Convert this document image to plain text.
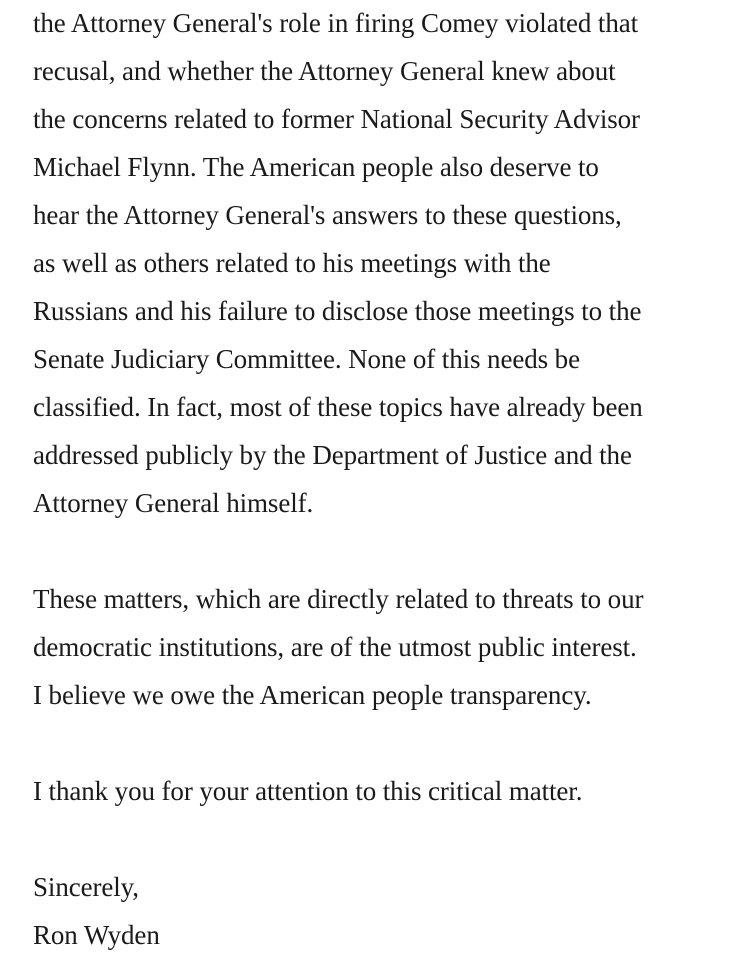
the Attorney General's role in firing Comey violated that
recusal, and whether the Attorney General knew about
the concerns related to former National Security Advisor
Michael Flynn. The American people also deserve to
hear the Attorney General's answers to these questions,
as well as others related to his meetings with the
Russians and his failure to disclose those meetings to the
Senate Judiciary Committee. None of this needs be
classified. In fact, most of these topics have already been
addressed publicly by the Department of Justice and the
Attorney General himself.

These matters, which are directly related to threats to our
democratic institutions, are of the utmost public interest.
I believe we owe the American people transparency.

I thank you for your attention to this critical matter.

Sincerely,
Ron Wyden
